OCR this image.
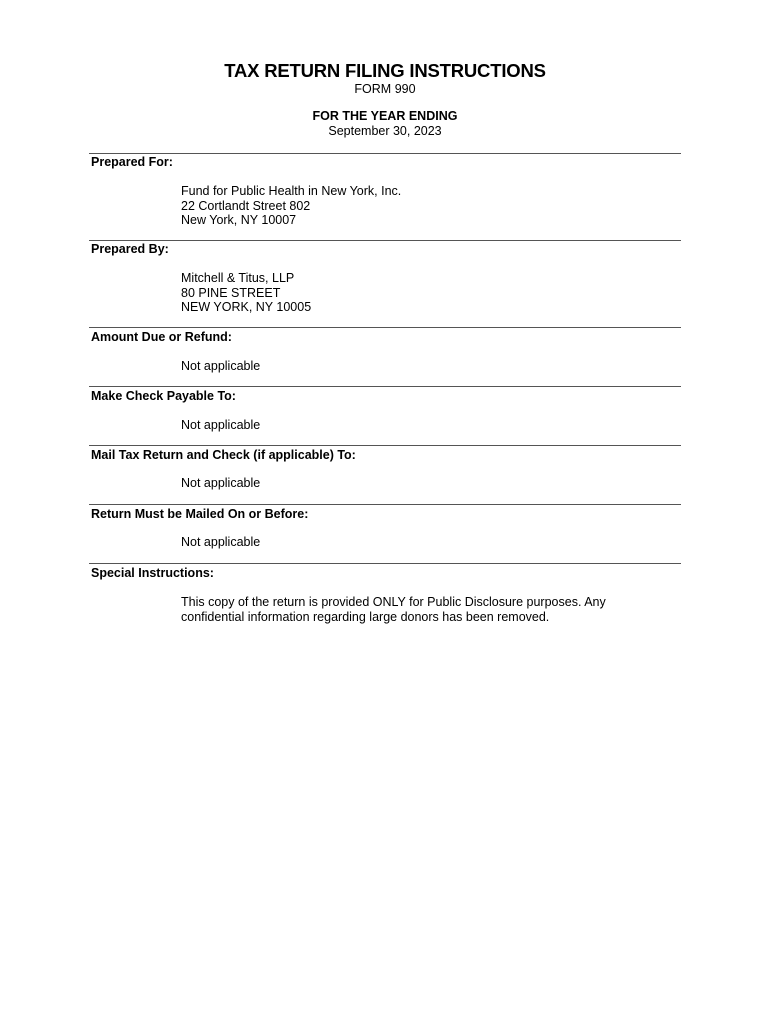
TAX RETURN FILING INSTRUCTIONS
FORM 990
FOR THE YEAR ENDING
September 30, 2023
Prepared For:
Fund for Public Health in New York, Inc.
22 Cortlandt Street 802
New York, NY 10007
Prepared By:
Mitchell & Titus, LLP
80 PINE STREET
NEW YORK, NY 10005
Amount Due or Refund:
Not applicable
Make Check Payable To:
Not applicable
Mail Tax Return and Check (if applicable) To:
Not applicable
Return Must be Mailed On or Before:
Not applicable
Special Instructions:
This copy of the return is provided ONLY for Public Disclosure purposes. Any
confidential information regarding large donors has been removed.
